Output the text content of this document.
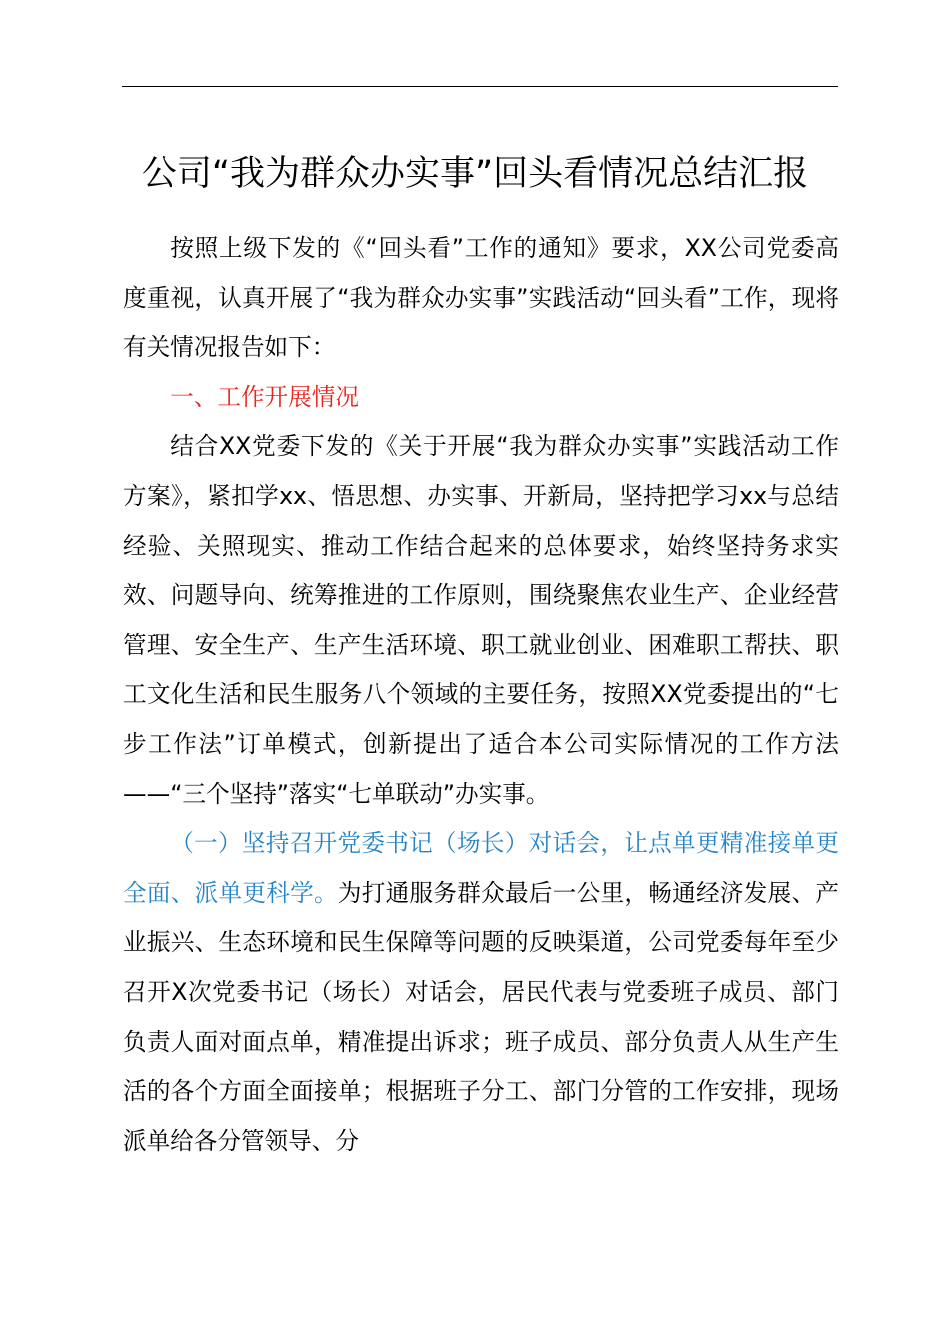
公司“我为群众办实事”回头看情况总结汇报

按照上级下发的《“回头看”工作的通知》要求，XX公司党委高度重视，认真开展了“我为群众办实事”实践活动“回头看”工作，现将有关情况报告如下：

一、工作开展情况

结合XX党委下发的《关于开展“我为群众办实事”实践活动工作方案》，紧扣学xx、悟思想、办实事、开新局，坚持把学习xx与总结经验、关照现实、推动工作结合起来的总体要求，始终坚持务求实效、问题导向、统筹推进的工作原则，围绕聚焦农业生产、企业经营管理、安全生产、生产生活环境、职工就业创业、困难职工帮扶、职工文化生活和民生服务八个领域的主要任务，按照XX党委提出的“七步工作法”订单模式，创新提出了适合本公司实际情况的工作方法——“三个坚持”落实“七单联动”办实事。

（一）坚持召开党委书记（场长）对话会，让点单更精准接单更全面、派单更科学。为打通服务群众最后一公里，畅通经济发展、产业振兴、生态环境和民生保障等问题的反映渠道，公司党委每年至少召开X次党委书记（场长）对话会，居民代表与党委班子成员、部门负责人面对面点单，精准提出诉求；班子成员、部分负责人从生产生活的各个方面全面接单；根据班子分工、部门分管的工作安排，现场派单给各分管领导、分
